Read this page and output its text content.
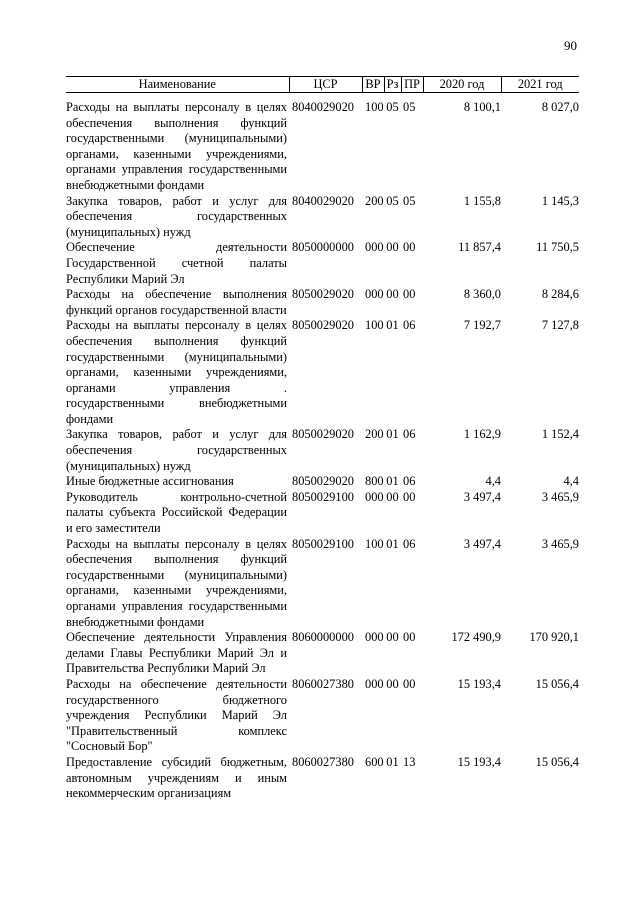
90
Наименование	ЦСР	ВР	Рз	ПР	2020 год	2021 год
Расходы на выплаты персоналу в целях обеспечения выполнения функций государственными (муниципальными) органами, казенными учреждениями, органами управления государственными внебюджетными фондами	8040029020	100	05	05	8 100,1	8 027,0
Закупка товаров, работ и услуг для обеспечения государственных (муниципальных) нужд	8040029020	200	05	05	1 155,8	1 145,3
Обеспечение деятельности Государственной счетной палаты Республики Марий Эл	8050000000	000	00	00	11 857,4	11 750,5
Расходы на обеспечение выполнения функций органов государственной власти	8050029020	000	00	00	8 360,0	8 284,6
Расходы на выплаты персоналу в целях обеспечения выполнения функций государственными (муниципальными) органами, казенными учреждениями, органами управления . государственными внебюджетными фондами	8050029020	100	01	06	7 192,7	7 127,8
Закупка товаров, работ и услуг для обеспечения государственных (муниципальных) нужд	8050029020	200	01	06	1 162,9	1 152,4
Иные бюджетные ассигнования	8050029020	800	01	06	4,4	4,4
Руководитель контрольно-счетной палаты субъекта Российской Федерации и его заместители	8050029100	000	00	00	3 497,4	3 465,9
Расходы на выплаты персоналу в целях обеспечения выполнения функций государственными (муниципальными) органами, казенными учреждениями, органами управления государственными внебюджетными фондами	8050029100	100	01	06	3 497,4	3 465,9
Обеспечение деятельности Управления делами Главы Республики Марий Эл и Правительства Республики Марий Эл	8060000000	000	00	00	172 490,9	170 920,1
Расходы на обеспечение деятельности государственного бюджетного учреждения Республики Марий Эл "Правительственный комплекс "Сосновый Бор"	8060027380	000	00	00	15 193,4	15 056,4
Предоставление субсидий бюджетным, автономным учреждениям и иным некоммерческим организациям	8060027380	600	01	13	15 193,4	15 056,4
